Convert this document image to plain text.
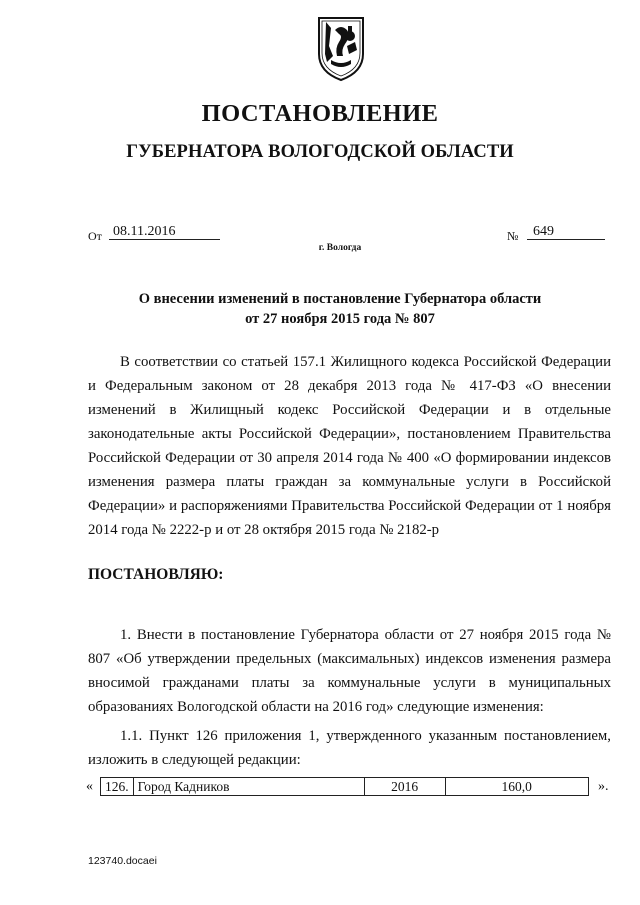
ПОСТАНОВЛЕНИЕ
ГУБЕРНАТОРА ВОЛОГОДСКОЙ ОБЛАСТИ
От 08.11.2016	№	649
г. Вологда

О внесении изменений в постановление Губернатора области
от 27 ноября 2015 года № 807

В соответствии со статьей 157.1 Жилищного кодекса Российской Федерации и Федеральным законом от 28 декабря 2013 года № 417-ФЗ «О внесении изменений в Жилищный кодекс Российской Федерации и в отдельные законодательные акты Российской Федерации», постановлением Правительства Российской Федерации от 30 апреля 2014 года № 400 «О формировании индексов изменения размера платы граждан за коммунальные услуги в Российской Федерации» и распоряжениями Правительства Российской Федерации от 1 ноября 2014 года № 2222-р и от 28 октября 2015 года № 2182-р

ПОСТАНОВЛЯЮ:

1. Внести в постановление Губернатора области от 27 ноября 2015 года № 807 «Об утверждении предельных (максимальных) индексов изменения размера вносимой гражданами платы за коммунальные услуги в муниципальных образованиях Вологодской области на 2016 год» следующие изменения:

1.1. Пункт 126 приложения 1, утвержденного указанным постановлением, изложить в следующей редакции:

« 126.	Город Кадников	2016	160,0	».
123740.docaei
